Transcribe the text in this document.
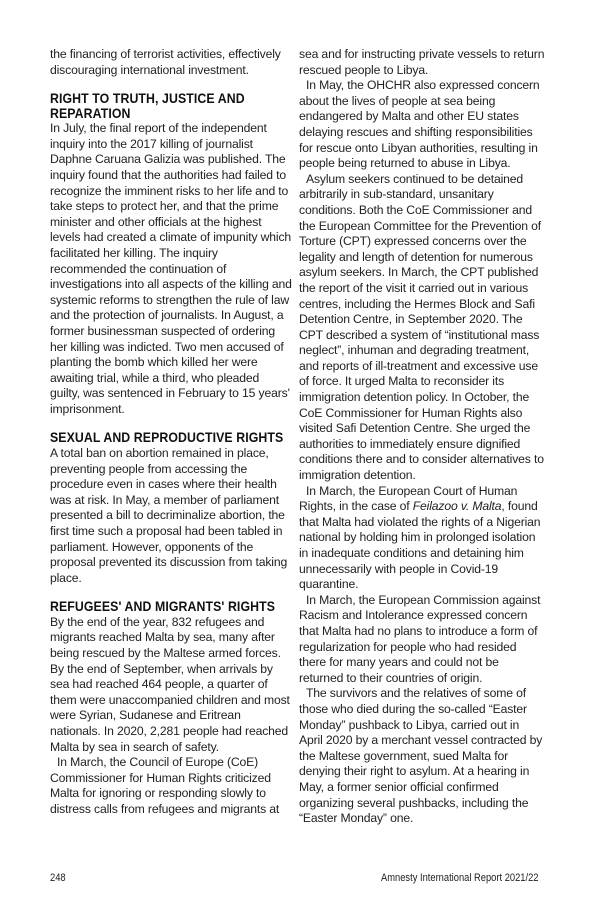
the financing of terrorist activities, effectively discouraging international investment.

RIGHT TO TRUTH, JUSTICE AND REPARATION

In July, the final report of the independent inquiry into the 2017 killing of journalist Daphne Caruana Galizia was published. The inquiry found that the authorities had failed to recognize the imminent risks to her life and to take steps to protect her, and that the prime minister and other officials at the highest levels had created a climate of impunity which facilitated her killing. The inquiry recommended the continuation of investigations into all aspects of the killing and systemic reforms to strengthen the rule of law and the protection of journalists. In August, a former businessman suspected of ordering her killing was indicted. Two men accused of planting the bomb which killed her were awaiting trial, while a third, who pleaded guilty, was sentenced in February to 15 years' imprisonment.

SEXUAL AND REPRODUCTIVE RIGHTS

A total ban on abortion remained in place, preventing people from accessing the procedure even in cases where their health was at risk. In May, a member of parliament presented a bill to decriminalize abortion, the first time such a proposal had been tabled in parliament. However, opponents of the proposal prevented its discussion from taking place.

REFUGEES' AND MIGRANTS' RIGHTS

By the end of the year, 832 refugees and migrants reached Malta by sea, many after being rescued by the Maltese armed forces. By the end of September, when arrivals by sea had reached 464 people, a quarter of them were unaccompanied children and most were Syrian, Sudanese and Eritrean nationals. In 2020, 2,281 people had reached Malta by sea in search of safety.

In March, the Council of Europe (CoE) Commissioner for Human Rights criticized Malta for ignoring or responding slowly to distress calls from refugees and migrants at

sea and for instructing private vessels to return rescued people to Libya.

In May, the OHCHR also expressed concern about the lives of people at sea being endangered by Malta and other EU states delaying rescues and shifting responsibilities for rescue onto Libyan authorities, resulting in people being returned to abuse in Libya.

Asylum seekers continued to be detained arbitrarily in sub-standard, unsanitary conditions. Both the CoE Commissioner and the European Committee for the Prevention of Torture (CPT) expressed concerns over the legality and length of detention for numerous asylum seekers. In March, the CPT published the report of the visit it carried out in various centres, including the Hermes Block and Safi Detention Centre, in September 2020. The CPT described a system of “institutional mass neglect”, inhuman and degrading treatment, and reports of ill-treatment and excessive use of force. It urged Malta to reconsider its immigration detention policy. In October, the CoE Commissioner for Human Rights also visited Safi Detention Centre. She urged the authorities to immediately ensure dignified conditions there and to consider alternatives to immigration detention.

In March, the European Court of Human Rights, in the case of Feilazoo v. Malta, found that Malta had violated the rights of a Nigerian national by holding him in prolonged isolation in inadequate conditions and detaining him unnecessarily with people in Covid-19 quarantine.

In March, the European Commission against Racism and Intolerance expressed concern that Malta had no plans to introduce a form of regularization for people who had resided there for many years and could not be returned to their countries of origin.

The survivors and the relatives of some of those who died during the so-called “Easter Monday” pushback to Libya, carried out in April 2020 by a merchant vessel contracted by the Maltese government, sued Malta for denying their right to asylum. At a hearing in May, a former senior official confirmed organizing several pushbacks, including the “Easter Monday” one.

248	Amnesty International Report 2021/22
